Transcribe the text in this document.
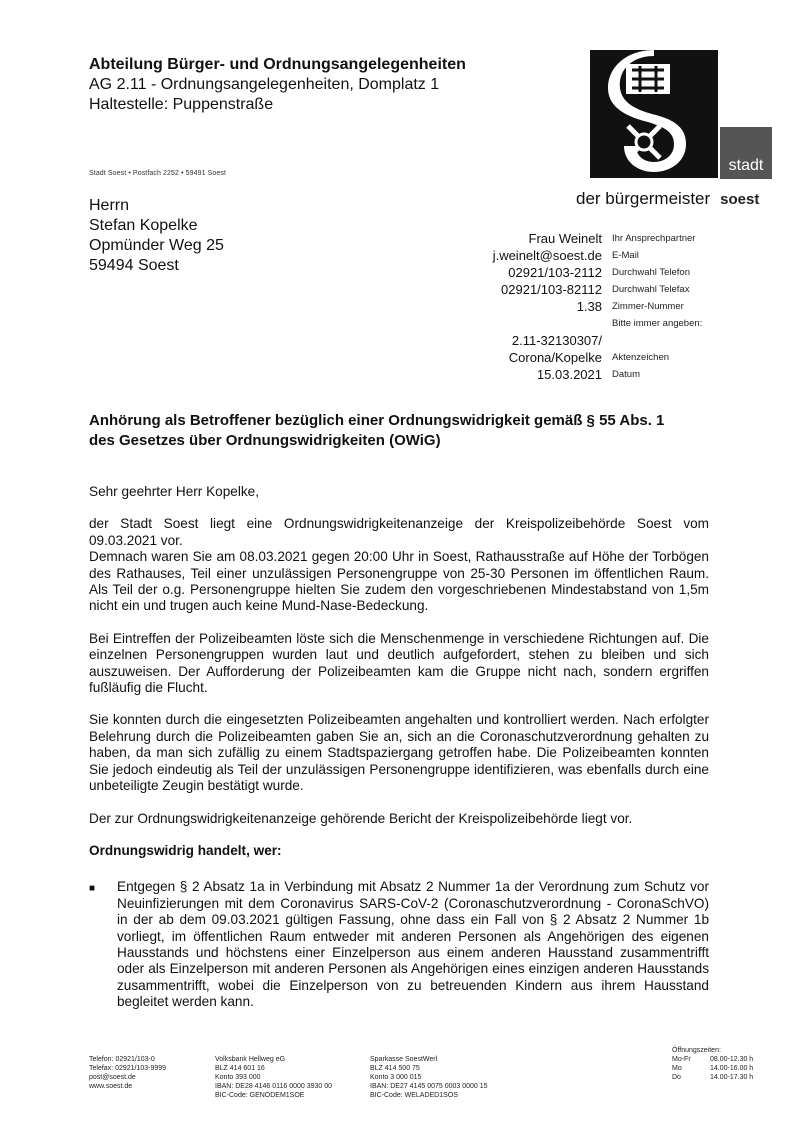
Abteilung Bürger- und Ordnungsangelegenheiten
AG 2.11 - Ordnungsangelegenheiten, Domplatz 1
Haltestelle: Puppenstraße
stadt
der bürgermeister soest
Stadt Soest • Postfach 2252 • 59491 Soest
Herrn
Stefan Kopelke
Opmünder Weg 25
59494 Soest
Frau Weinelt	Ihr Ansprechpartner
j.weinelt@soest.de	E-Mail
02921/103-2112	Durchwahl Telefon
02921/103-82112	Durchwahl Telefax
1.38	Zimmer-Nummer
Bitte immer angeben:
2.11-32130307/
Corona/Kopelke	Aktenzeichen
15.03.2021	Datum
Anhörung als Betroffener bezüglich einer Ordnungswidrigkeit gemäß § 55 Abs. 1 des Gesetzes über Ordnungswidrigkeiten (OWiG)

Sehr geehrter Herr Kopelke,

der Stadt Soest liegt eine Ordnungswidrigkeitenanzeige der Kreispolizeibehörde Soest vom 09.03.2021 vor.

Demnach waren Sie am 08.03.2021 gegen 20:00 Uhr in Soest, Rathausstraße auf Höhe der Torbögen des Rathauses, Teil einer unzulässigen Personengruppe von 25-30 Personen im öffentlichen Raum. Als Teil der o.g. Personengruppe hielten Sie zudem den vorgeschriebenen Mindestabstand von 1,5m nicht ein und trugen auch keine Mund-Nase-Bedeckung.

Bei Eintreffen der Polizeibeamten löste sich die Menschenmenge in verschiedene Richtungen auf. Die einzelnen Personengruppen wurden laut und deutlich aufgefordert, stehen zu bleiben und sich auszuweisen. Der Aufforderung der Polizeibeamten kam die Gruppe nicht nach, sondern ergriffen fußläufig die Flucht.

Sie konnten durch die eingesetzten Polizeibeamten angehalten und kontrolliert werden. Nach erfolgter Belehrung durch die Polizeibeamten gaben Sie an, sich an die Coronaschutzverordnung gehalten zu haben, da man sich zufällig zu einem Stadtspaziergang getroffen habe. Die Polizeibeamten konnten Sie jedoch eindeutig als Teil der unzulässigen Personengruppe identifizieren, was ebenfalls durch eine unbeteiligte Zeugin bestätigt wurde.

Der zur Ordnungswidrigkeitenanzeige gehörende Bericht der Kreispolizeibehörde liegt vor.

Ordnungswidrig handelt, wer:

■	Entgegen § 2 Absatz 1a in Verbindung mit Absatz 2 Nummer 1a der Verordnung zum Schutz vor Neuinfizierungen mit dem Coronavirus SARS-CoV-2 (Coronaschutzverordnung - CoronaSchVO) in der ab dem 09.03.2021 gültigen Fassung, ohne dass ein Fall von § 2 Absatz 2 Nummer 1b vorliegt, im öffentlichen Raum entweder mit anderen Personen als Angehörigen des eigenen Hausstands und höchstens einer Einzelperson aus einem anderen Hausstand zusammentrifft oder als Einzelperson mit anderen Personen als Angehörigen eines einzigen anderen Hausstands zusammentrifft, wobei die Einzelperson von zu betreuenden Kindern aus ihrem Hausstand begleitet werden kann.
Telefon: 02921/103-0
Telefax: 02921/103-9999
post@soest.de
www.soest.de
Volksbank Hellweg eG
BLZ 414 601 16
Konto 393 000
IBAN: DE28 4146 0116 0000 3930 00
BIC-Code: GENODEM1SOE
Sparkasse SoestWerl
BLZ 414 500 75
Konto 3 000 015
IBAN: DE27 4145 0075 0003 0000 15
BIC-Code: WELADED1SOS
Öffnungszeiten:
Mo-Fr	08.00-12.30 h
Mo	14.00-16.00 h
Do	14.00-17.30 h
